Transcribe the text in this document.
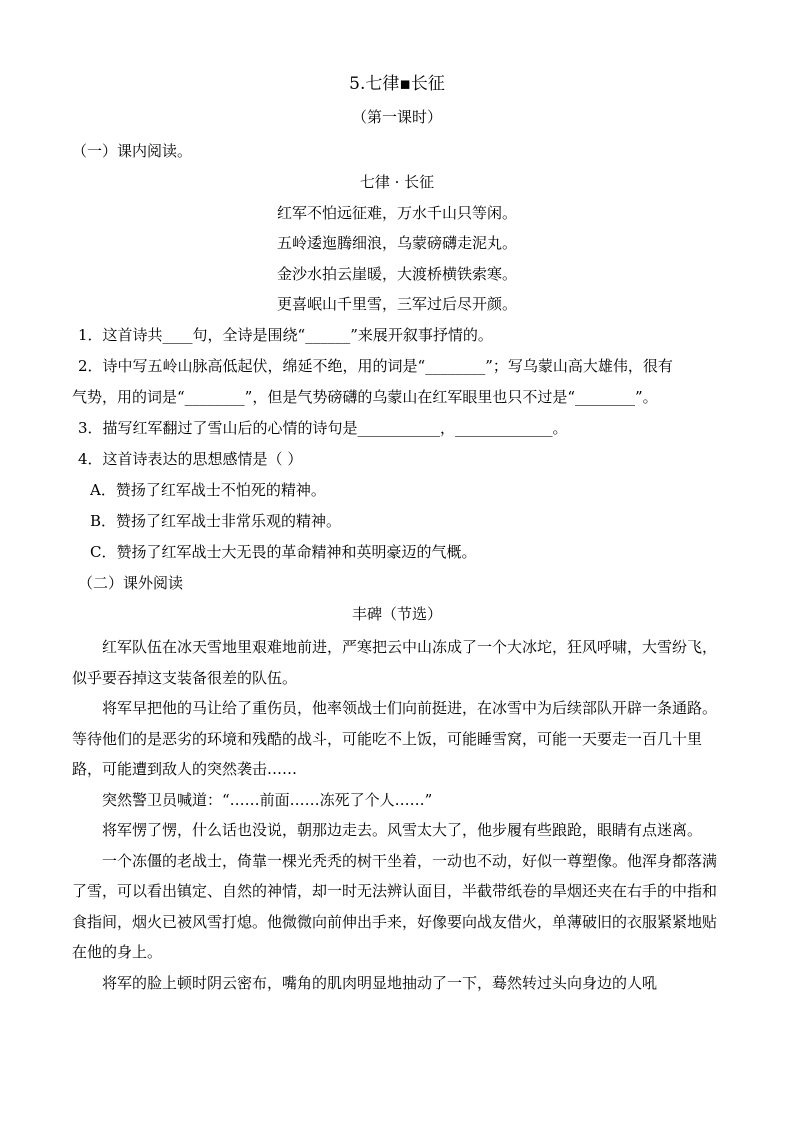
5.七律▪长征
（第一课时）
（一）课内阅读。
七律 · 长征
红军不怕远征难，万水千山只等闲。
五岭逶迤腾细浪，乌蒙磅礴走泥丸。
金沙水拍云崖暖，大渡桥横铁索寒。
更喜岷山千里雪，三军过后尽开颜。
1．这首诗共____句，全诗是围绕“______”来展开叙事抒情的。
2．诗中写五岭山脉高低起伏，绵延不绝，用的词是“________”；写乌蒙山高大雄伟，很有
气势，用的词是“________”，但是气势磅礴的乌蒙山在红军眼里也只不过是“________”。
3．描写红军翻过了雪山后的心情的诗句是___________，_____________。
4．这首诗表达的思想感情是（ ）
A．赞扬了红军战士不怕死的精神。
B．赞扬了红军战士非常乐观的精神。
C．赞扬了红军战士大无畏的革命精神和英明豪迈的气概。
（二）课外阅读
丰碑（节选）

红军队伍在冰天雪地里艰难地前进，严寒把云中山冻成了一个大冰坨，狂风呼啸，大雪纷飞，似乎要吞掉这支装备很差的队伍。

将军早把他的马让给了重伤员，他率领战士们向前挺进，在冰雪中为后续部队开辟一条通路。等待他们的是恶劣的环境和残酷的战斗，可能吃不上饭，可能睡雪窝，可能一天要走一百几十里路，可能遭到敌人的突然袭击……

突然警卫员喊道：“……前面……冻死了个人……”

将军愣了愣，什么话也没说，朝那边走去。风雪太大了，他步履有些踉跄，眼睛有点迷离。

一个冻僵的老战士，倚靠一棵光秃秃的树干坐着，一动也不动，好似一尊塑像。他浑身都落满了雪，可以看出镇定、自然的神情，却一时无法辨认面目，半截带纸卷的旱烟还夹在右手的中指和食指间，烟火已被风雪打熄。他微微向前伸出手来，好像要向战友借火，单薄破旧的衣服紧紧地贴在他的身上。

将军的脸上顿时阴云密布，嘴角的肌肉明显地抽动了一下，蓦然转过头向身边的人吼
